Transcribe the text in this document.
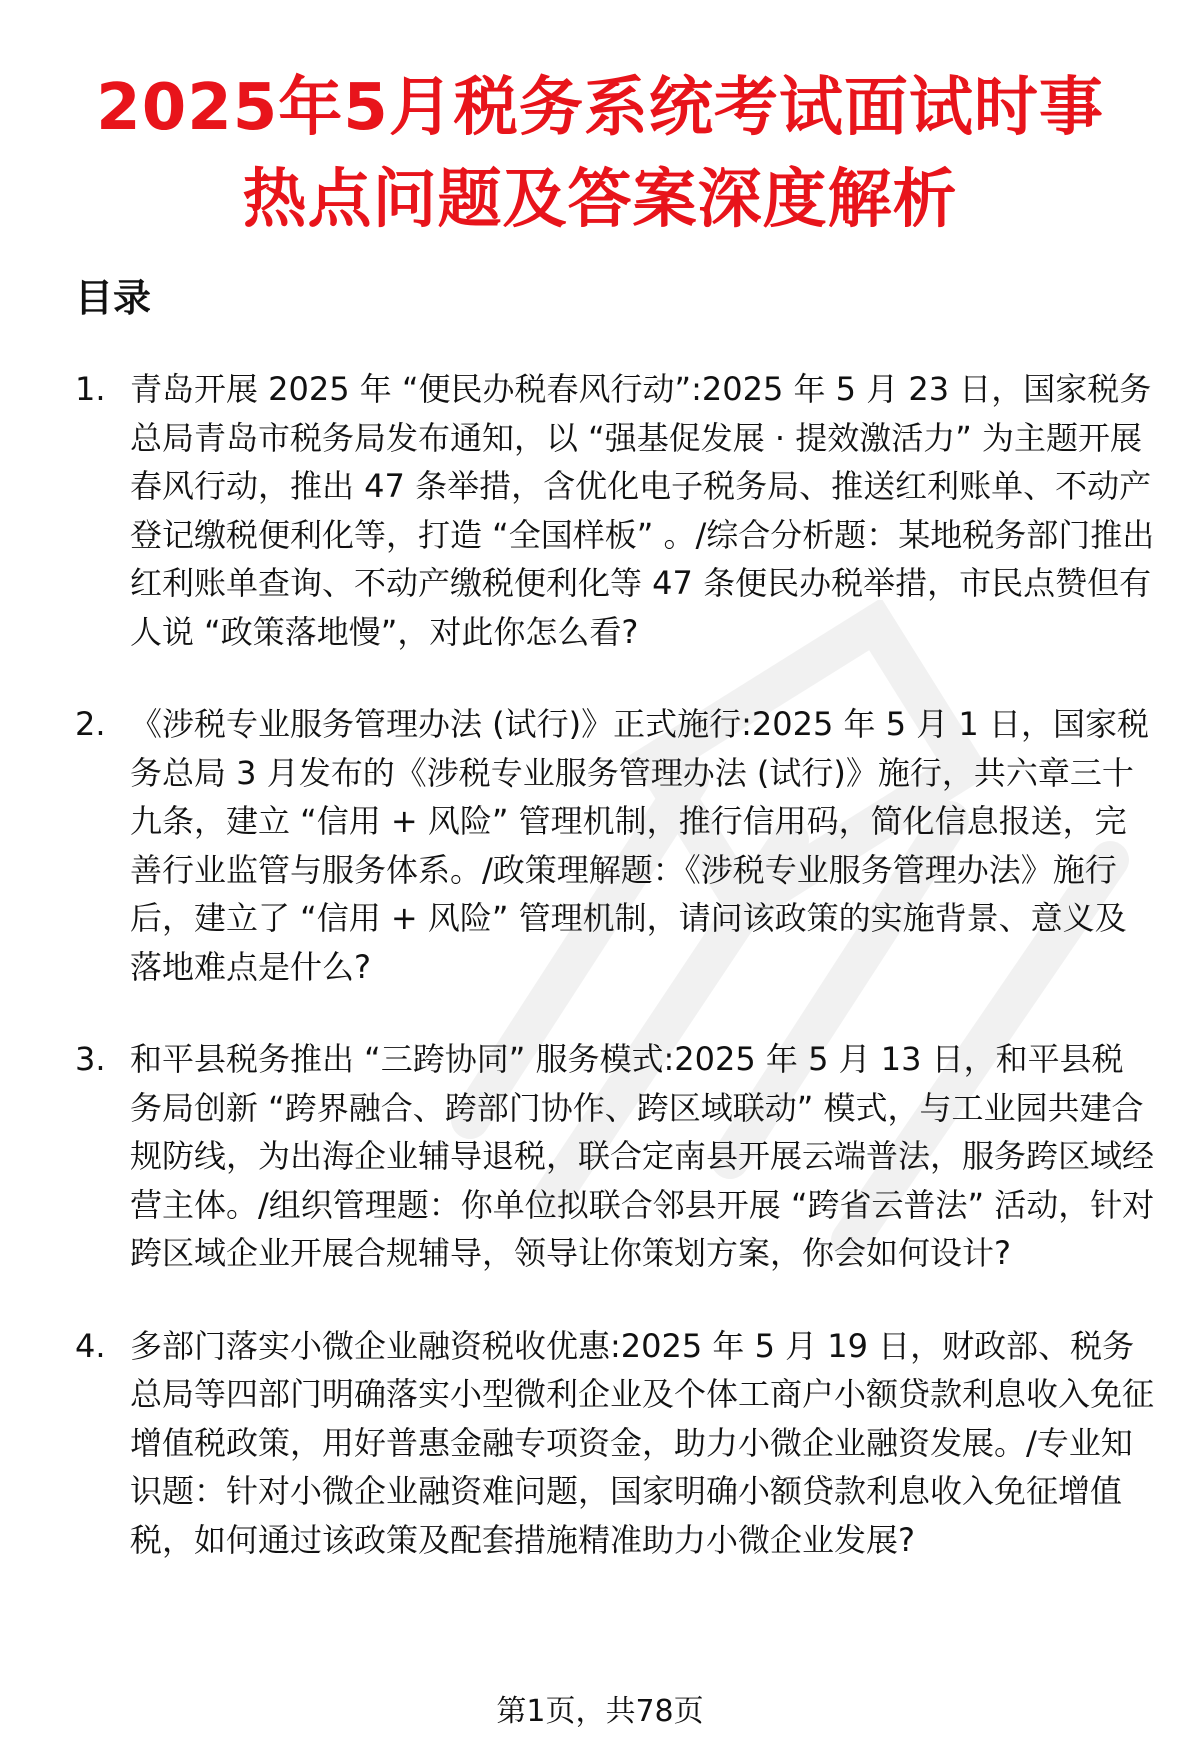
2025年5月税务系统考试面试时事
热点问题及答案深度解析
目录
1. 青岛开展 2025 年 “便民办税春风行动”:2025 年 5 月 23 日，国家税务总局青岛市税务局发布通知，以 “强基促发展 · 提效激活力” 为主题开展春风行动，推出 47 条举措，含优化电子税务局、推送红利账单、不动产登记缴税便利化等，打造 “全国样板” 。/综合分析题：某地税务部门推出红利账单查询、不动产缴税便利化等 47 条便民办税举措，市民点赞但有人说 “政策落地慢”，对此你怎么看?
2. 《涉税专业服务管理办法 (试行)》正式施行:2025 年 5 月 1 日，国家税务总局 3 月发布的《涉税专业服务管理办法 (试行)》施行，共六章三十九条，建立 “信用 + 风险” 管理机制，推行信用码，简化信息报送，完善行业监管与服务体系。/政策理解题：《涉税专业服务管理办法》施行后，建立了 “信用 + 风险” 管理机制，请问该政策的实施背景、意义及落地难点是什么?
3. 和平县税务推出 “三跨协同” 服务模式:2025 年 5 月 13 日，和平县税务局创新 “跨界融合、跨部门协作、跨区域联动” 模式，与工业园共建合规防线，为出海企业辅导退税，联合定南县开展云端普法，服务跨区域经营主体。/组织管理题：你单位拟联合邻县开展 “跨省云普法” 活动，针对跨区域企业开展合规辅导，领导让你策划方案，你会如何设计?
4. 多部门落实小微企业融资税收优惠:2025 年 5 月 19 日，财政部、税务总局等四部门明确落实小型微利企业及个体工商户小额贷款利息收入免征增值税政策，用好普惠金融专项资金，助力小微企业融资发展。/专业知识题：针对小微企业融资难问题，国家明确小额贷款利息收入免征增值税，如何通过该政策及配套措施精准助力小微企业发展?
第1页，共78页
